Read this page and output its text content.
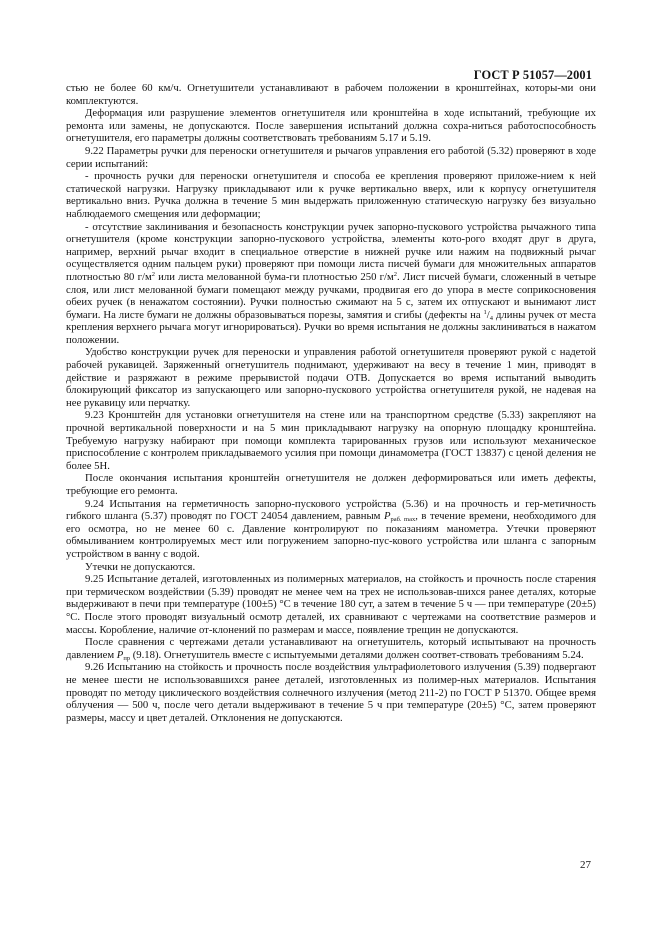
ГОСТ Р 51057—2001

стью не более 60 км/ч. Огнетушители устанавливают в рабочем положении в кронштейнах, которы-ми они комплектуются.

Деформация или разрушение элементов огнетушителя или кронштейна в ходе испытаний, требующие их ремонта или замены, не допускаются. После завершения испытаний должна сохра-ниться работоспособность огнетушителя, его параметры должны соответствовать требованиям 5.17 и 5.19.

9.22 Параметры ручки для переноски огнетушителя и рычагов управления его работой (5.32) проверяют в ходе серии испытаний:

- прочность ручки для переноски огнетушителя и способа ее крепления проверяют приложе-нием к ней статической нагрузки. Нагрузку прикладывают или к ручке вертикально вверх, или к корпусу огнетушителя вертикально вниз. Ручка должна в течение 5 мин выдержать приложенную статическую нагрузку без визуально наблюдаемого смещения или деформации;

- отсутствие заклинивания и безопасность конструкции ручек запорно-пускового устройства рычажного типа огнетушителя (кроме конструкции запорно-пускового устройства, элементы кото-рого входят друг в друга, например, верхний рычаг входит в специальное отверстие в нижней ручке или нажим на подвижный рычаг осуществляется одним пальцем руки) проверяют при помощи листа писчей бумаги для множительных аппаратов плотностью 80 $г/м^2$ или листа мелованной бума-ги плотностью 250 $г/м^2$. Лист писчей бумаги, сложенный в четыре слоя, или лист мелованной бумаги помещают между ручками, продвигая его до упора в месте соприкосновения обеих ручек (в ненажатом состоянии). Ручки полностью сжимают на 5 с, затем их отпускают и вынимают лист бумаги. На листе бумаги не должны образовываться порезы, замятия и сгибы (дефекты на $^1/_4$ длины ручек от места крепления верхнего рычага могут игнорироваться). Ручки во время испытания не должны заклиниваться в нажатом положении.

Удобство конструкции ручек для переноски и управления работой огнетушителя проверяют рукой с надетой рабочей рукавицей. Заряженный огнетушитель поднимают, удерживают на весу в течение 1 мин, приводят в действие и разряжают в режиме прерывистой подачи ОТВ. Допускается во время испытаний выводить блокирующий фиксатор из запускающего или запорно-пускового устройства огнетушителя рукой, не надевая на нее рукавицу или перчатку.

9.23 Кронштейн для установки огнетушителя на стене или на транспортном средстве (5.33) закрепляют на прочной вертикальной поверхности и на 5 мин прикладывают нагрузку на опорную площадку кронштейна. Требуемую нагрузку набирают при помощи комплекта тарированных грузов или используют механическое приспособление с контролем прикладываемого усилия при помощи динамометра (ГОСТ 13837) с ценой деления не более 5Н.

После окончания испытания кронштейн огнетушителя не должен деформироваться или иметь дефекты, требующие его ремонта.

9.24 Испытания на герметичность запорно-пускового устройства (5.36) и на прочность и гер-метичность гибкого шланга (5.37) проводят по ГОСТ 24054 давлением, равным $P_{раб. max}$, в течение времени, необходимого для его осмотра, но не менее 60 с. Давление контролируют по показаниям манометра. Утечки проверяют обмыливанием контролируемых мест или погружением запорно-пус-кового устройства или шланга с запорным устройством в ванну с водой.

Утечки не допускаются.

9.25 Испытание деталей, изготовленных из полимерных материалов, на стойкость и прочность после старения при термическом воздействии (5.39) проводят не менее чем на трех не использовав-шихся ранее деталях, которые выдерживают в печи при температуре (100±5) °С в течение 180 сут, а затем в течение 5 ч — при температуре (20±5) °С. После этого проводят визуальный осмотр деталей, их сравнивают с чертежами на соответствие размеров и массы. Коробление, наличие от-клонений по размерам и массе, появление трещин не допускаются.

После сравнения с чертежами детали устанавливают на огнетушитель, который испытывают на прочность давлением $P_{пр}$ (9.18). Огнетушитель вместе с испытуемыми деталями должен соответ-ствовать требованиям 5.24.

9.26 Испытанию на стойкость и прочность после воздействия ультрафиолетового излучения (5.39) подвергают не менее шести не использовавшихся ранее деталей, изготовленных из полимер-ных материалов. Испытания проводят по методу циклического воздействия солнечного излучения (метод 211-2) по ГОСТ Р 51370. Общее время облучения — 500 ч, после чего детали выдерживают в течение 5 ч при температуре (20±5) °С, затем проверяют размеры, массу и цвет деталей. Отклонения не допускаются.

27
